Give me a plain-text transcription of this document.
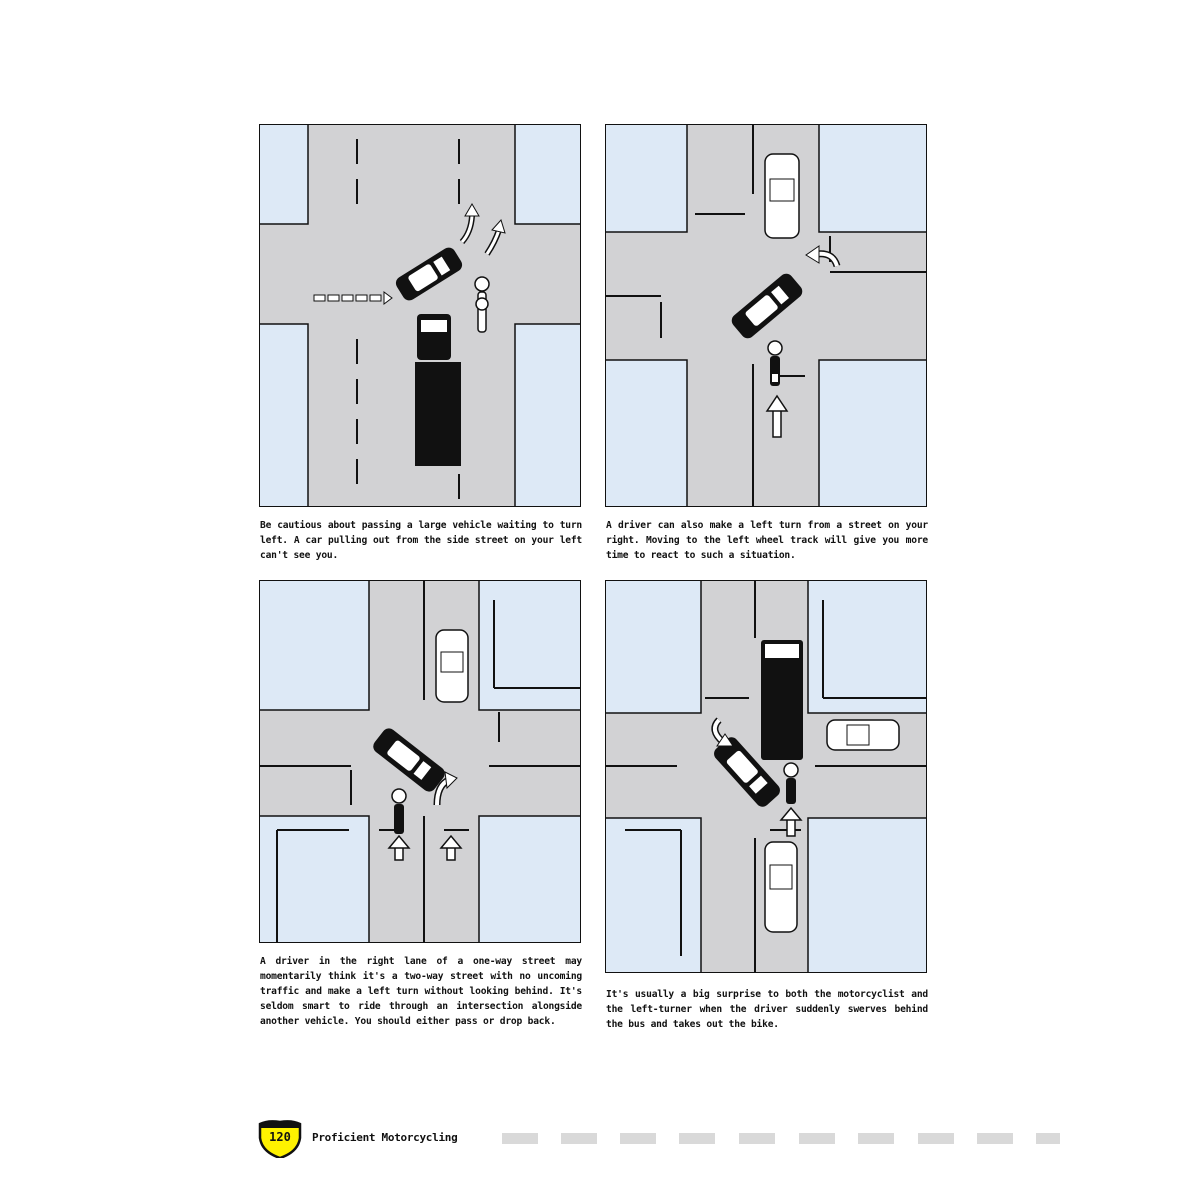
Be cautious about passing a large vehicle waiting to turn left. A car pulling out from the side street on your left can't see you.
A driver can also make a left turn from a street on your right. Moving to the left wheel track will give you more time to react to such a situation.
A driver in the right lane of a one-way street may momentarily think it's a two-way street with no uncoming traffic and make a left turn without looking behind. It's seldom smart to ride through an intersection alongside another vehicle. You should either pass or drop back.
It's usually a big surprise to both the motorcyclist and the left-turner when the driver suddenly swerves behind the bus and takes out the bike.
120	Proficient Motorcycling
